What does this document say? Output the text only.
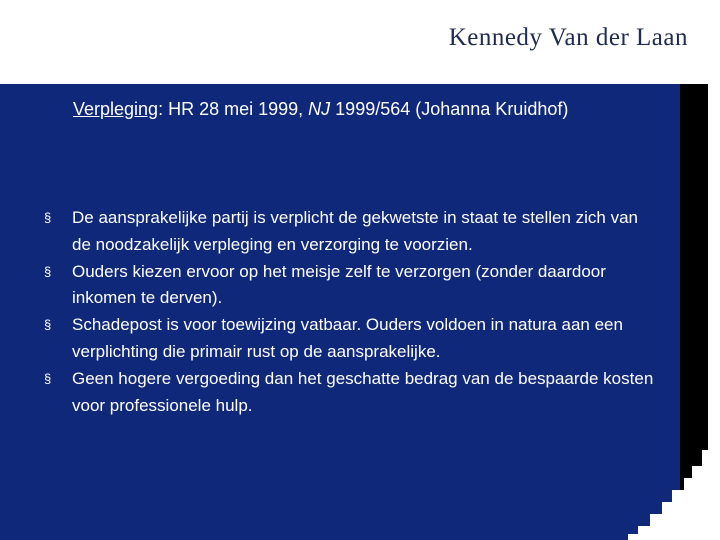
Kennedy Van der Laan
Verpleging: HR 28 mei 1999, NJ 1999/564 (Johanna Kruidhof)
§ De aansprakelijke partij is verplicht de gekwetste in staat te stellen zich van de noodzakelijk verpleging en verzorging te voorzien.
§ Ouders kiezen ervoor op het meisje zelf te verzorgen (zonder daardoor inkomen te derven).
§ Schadepost is voor toewijzing vatbaar. Ouders voldoen in natura aan een verplichting die primair rust op de aansprakelijke.
§ Geen hogere vergoeding dan het geschatte bedrag van de bespaarde kosten voor professionele hulp.
